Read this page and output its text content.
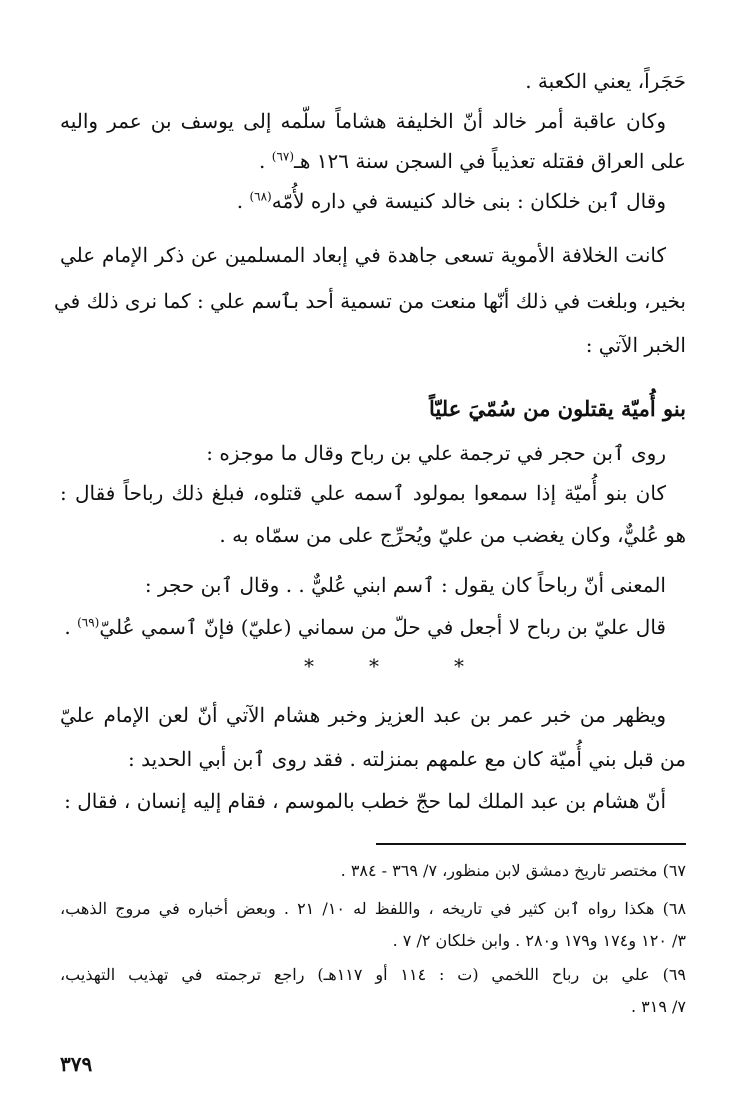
حَجَراً، يعني الكعبة .
وكان عاقبة أمر خالد أنّ الخليفة هشاماً سلّمه إلى يوسف بن عمر واليه
على العراق فقتله تعذيباً في السجن سنة ١٢٦ هـ$^{(٦٧)}$ .
وقال ٱبن خلكان : بنى خالد كنيسة في داره لأُمّه$^{(٦٨)}$ .
كانت الخلافة الأموية تسعى جاهدة في إبعاد المسلمين عن ذكر الإمام علي
بخير، وبلغت في ذلك أنّها منعت من تسمية أحد بٱسم علي : كما نرى ذلك في
الخبر الآتي :
بنو أُميّة يقتلون من سُمّيَ عليّاً
روى ٱبن حجر في ترجمة علي بن رباح وقال ما موجزه :
كان بنو أُميّة إذا سمعوا بمولود ٱسمه علي قتلوه، فبلغ ذلك رباحاً فقال :
هو عُليٌّ، وكان يغضب من عليّ ويُحرِّج على من سمّاه به .
المعنى أنّ رباحاً كان يقول : ٱسم ابني عُليٌّ . . وقال ٱبن حجر :
قال عليّ بن رباح لا أجعل في حلّ من سماني (عليّ) فإنّ ٱسمي عُليّ$^{(٦٩)}$ .
*	*	*
ويظهر من خبر عمر بن عبد العزيز وخبر هشام الآتي أنّ لعن الإمام عليّ
من قبل بني أُميّة كان مع علمهم بمنزلته . فقد روى ٱبن أبي الحديد :
أنّ هشام بن عبد الملك لما حجّ خطب بالموسم ، فقام إليه إنسان ، فقال :
٦٧) مختصر تاريخ دمشق لابن منظور، ٧/ ٣٦٩ - ٣٨٤ .
٦٨) هكذا رواه ٱبن كثير في تاريخه ، واللفظ له ١٠/ ٢١ . وبعض أخباره في مروج الذهب،
٣/ ١٢٠ و١٧٤ و١٧٩ و٢٨٠ . وابن خلكان ٢/ ٧ .
٦٩) علي بن رباح اللخمي (ت : ١١٤ أو ١١٧هـ) راجع ترجمته في تهذيب التهذيب،
٧/ ٣١٩ .
٣٧٩
